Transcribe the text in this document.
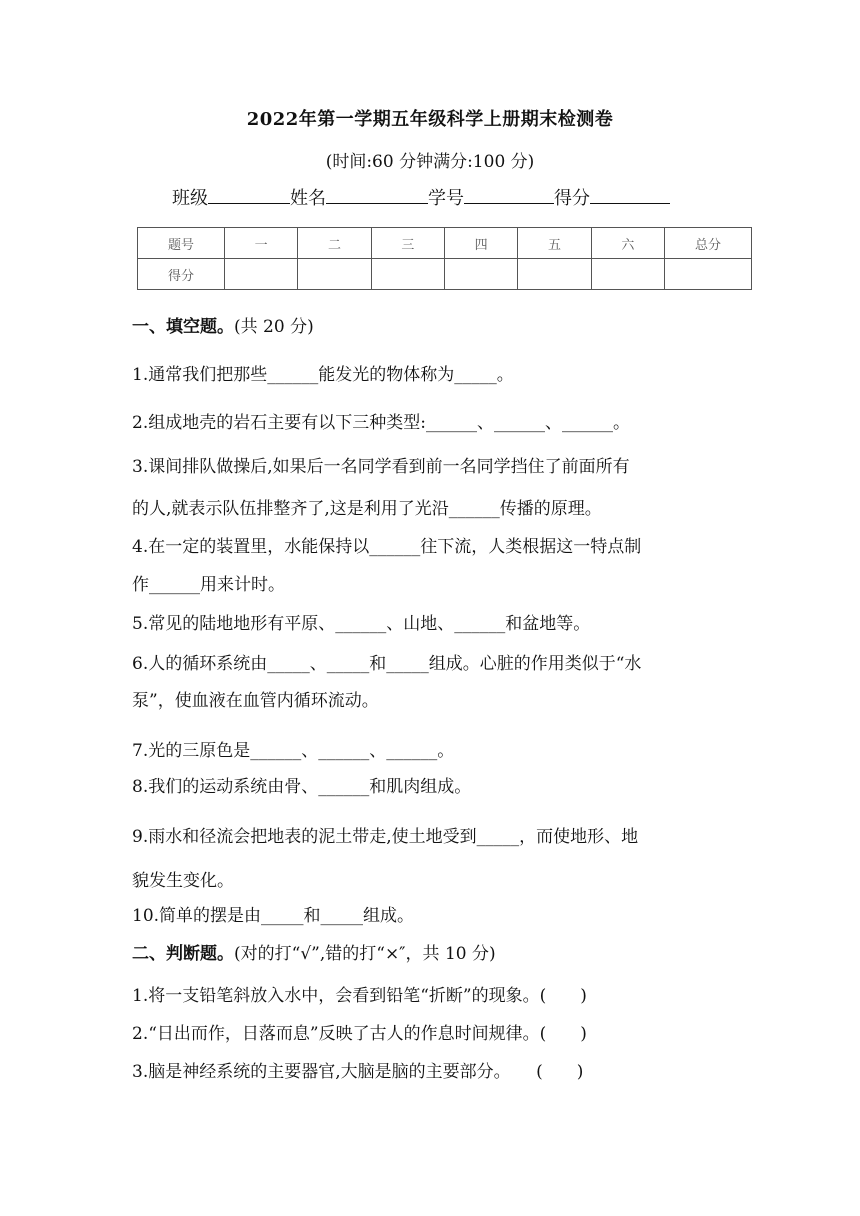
2022年第一学期五年级科学上册期末检测卷
(时间:60 分钟满分:100 分)
班级	姓名	学号	得分
题号	一	二	三	四	五	六	总分
得分							
一、填空题。(共 20 分)
1.通常我们把那些______能发光的物体称为_____。
2.组成地壳的岩石主要有以下三种类型:______、______、______。
3.课间排队做操后,如果后一名同学看到前一名同学挡住了前面所有
的人,就表示队伍排整齐了,这是利用了光沿______传播的原理。
4.在一定的装置里，水能保持以______往下流，人类根据这一特点制
作______用来计时。
5.常见的陆地地形有平原、______、山地、______和盆地等。
6.人的循环系统由_____、_____和_____组成。心脏的作用类似于“水
泵”，使血液在血管内循环流动。
7.光的三原色是______、______、______。
8.我们的运动系统由骨、______和肌肉组成。
9.雨水和径流会把地表的泥土带走,使土地受到_____，而使地形、地
貌发生变化。
10.简单的摆是由_____和_____组成。
二、判断题。(对的打“√”,错的打“×″，共 10 分)
1.将一支铅笔斜放入水中，会看到铅笔“折断”的现象。(　　)
2.“日出而作，日落而息”反映了古人的作息时间规律。(　　)
3.脑是神经系统的主要器官,大脑是脑的主要部分。　　(　　)
